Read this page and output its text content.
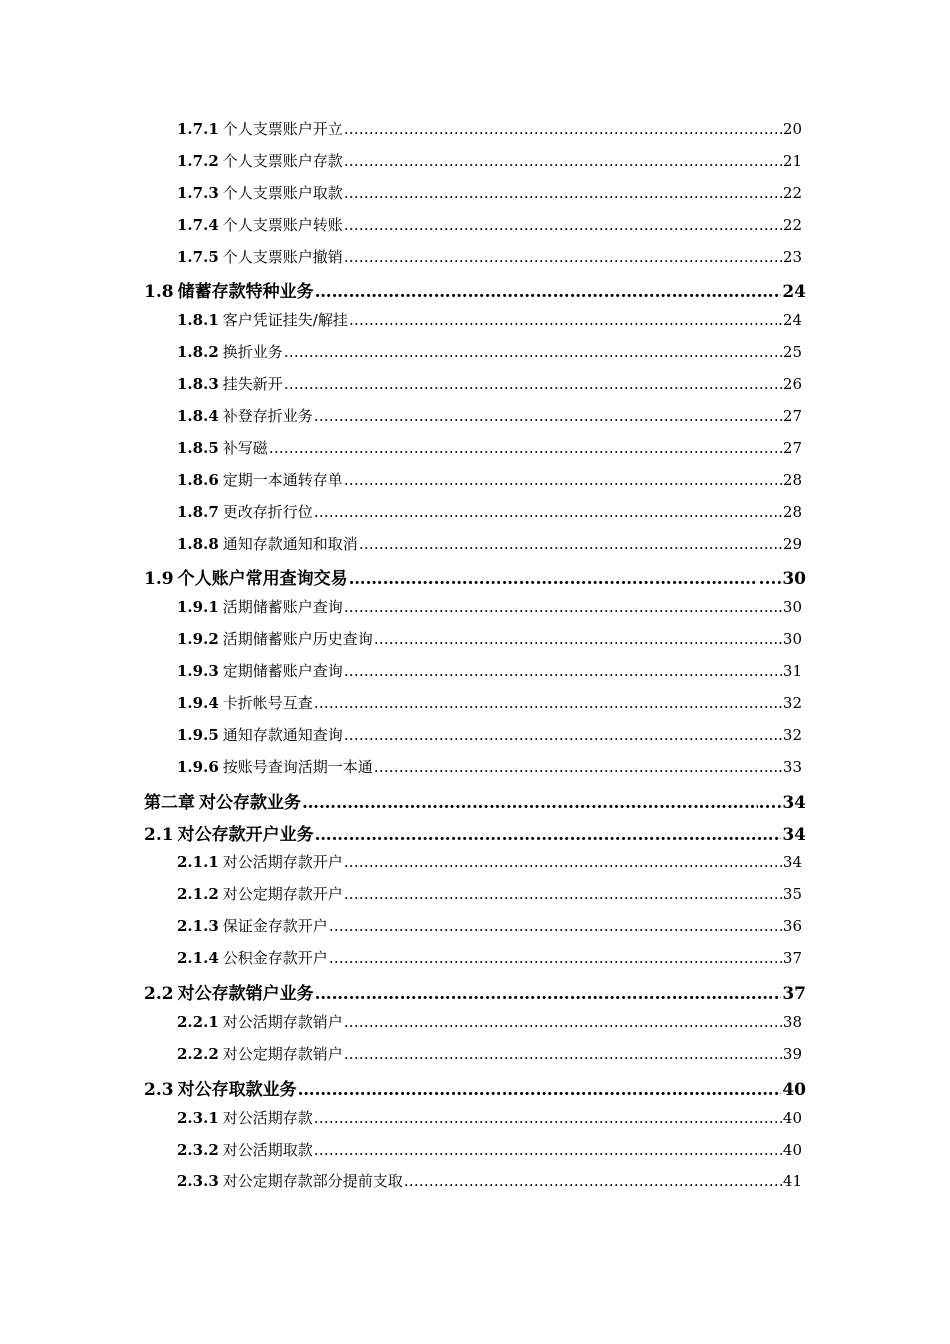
1.7.1 个人支票账户开立 ……………………………………………………………………………………………………………………………………………………………………………………………………………	20
1.7.2 个人支票账户存款 ……………………………………………………………………………………………………………………………………………………………………………………………………………	21
1.7.3 个人支票账户取款 ……………………………………………………………………………………………………………………………………………………………………………………………………………	22
1.7.4 个人支票账户转账 ……………………………………………………………………………………………………………………………………………………………………………………………………………	22
1.7.5 个人支票账户撤销 ……………………………………………………………………………………………………………………………………………………………………………………………………………	23
1.8 储蓄存款特种业务 ……………………………………………………………………………………………………………………………………………………………………………………………………………	24
1.8.1 客户凭证挂失/解挂 ……………………………………………………………………………………………………………………………………………………………………………………………………………	.24
1.8.2 换折业务 ……………………………………………………………………………………………………………………………………………………………………………………………………………	25
1.8.3 挂失新开 ……………………………………………………………………………………………………………………………………………………………………………………………………………	26
1.8.4 补登存折业务 ……………………………………………………………………………………………………………………………………………………………………………………………………………	27
1.8.5 补写磁 ……………………………………………………………………………………………………………………………………………………………………………………………………………	27
1.8.6 定期一本通转存单 ……………………………………………………………………………………………………………………………………………………………………………………………………………	28
1.8.7 更改存折行位 ……………………………………………………………………………………………………………………………………………………………………………………………………………	...28
1.8.8 通知存款通知和取消 ……………………………………………………………………………………………………………………………………………………………………………………………………………	...29
1.9 个人账户常用查询交易 ……………………………………………………………………………………………………………………………………………………………………………………………………………	....30
1.9.1 活期储蓄账户查询 ……………………………………………………………………………………………………………………………………………………………………………………………………………	...30
1.9.2 活期储蓄账户历史查询 ……………………………………………………………………………………………………………………………………………………………………………………………………………	...30
1.9.3 定期储蓄账户查询 ……………………………………………………………………………………………………………………………………………………………………………………………………………	31
1.9.4 卡折帐号互查 ……………………………………………………………………………………………………………………………………………………………………………………………………………	...32
1.9.5 通知存款通知查询 ……………………………………………………………………………………………………………………………………………………………………………………………………………	...32
1.9.6 按账号查询活期一本通 ……………………………………………………………………………………………………………………………………………………………………………………………………………	...33
第二章 对公存款业务 ……………………………………………………………………………………………………………………………………………………………………………………………………………	....34
2.1 对公存款开户业务 ……………………………………………………………………………………………………………………………………………………………………………………………………………	34
2.1.1 对公活期存款开户 ……………………………………………………………………………………………………………………………………………………………………………………………………………	34
2.1.2 对公定期存款开户 ……………………………………………………………………………………………………………………………………………………………………………………………………………	35
2.1.3 保证金存款开户 ……………………………………………………………………………………………………………………………………………………………………………………………………………	36
2.1.4 公积金存款开户 ……………………………………………………………………………………………………………………………………………………………………………………………………………	37
2.2 对公存款销户业务 ……………………………………………………………………………………………………………………………………………………………………………………………………………	37
2.2.1 对公活期存款销户 ……………………………………………………………………………………………………………………………………………………………………………………………………………	38
2.2.2 对公定期存款销户 ……………………………………………………………………………………………………………………………………………………………………………………………………………	39
2.3 对公存取款业务 ……………………………………………………………………………………………………………………………………………………………………………………………………………	40
2.3.1 对公活期存款 ……………………………………………………………………………………………………………………………………………………………………………………………………………	40
2.3.2 对公活期取款 ……………………………………………………………………………………………………………………………………………………………………………………………………………	40
2.3.3 对公定期存款部分提前支取 ……………………………………………………………………………………………………………………………………………………………………………………………………………	41
